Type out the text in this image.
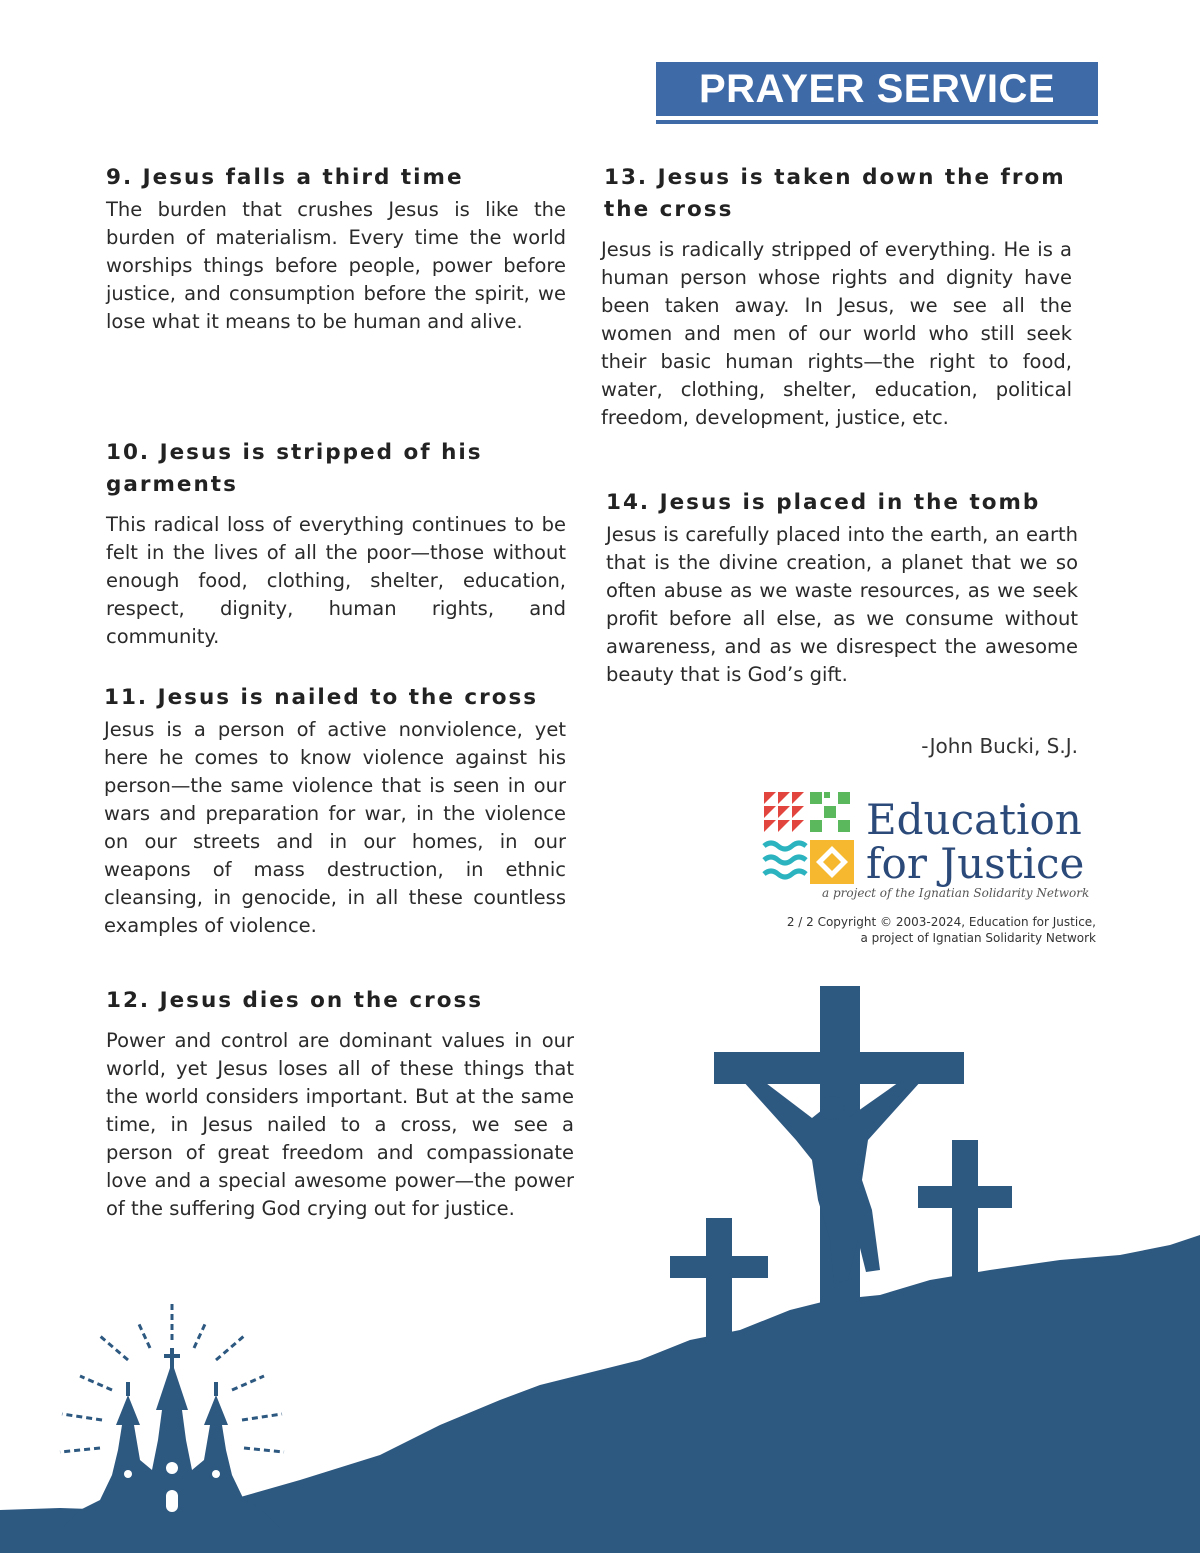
PRAYER SERVICE
9. Jesus falls a third time

The burden that crushes Jesus is like the burden of materialism. Every time the world worships things before people, power before justice, and consumption before the spirit, we lose what it means to be human and alive.

10. Jesus is stripped of his garments

This radical loss of everything continues to be felt in the lives of all the poor—those without enough food, clothing, shelter, education, respect, dignity, human rights, and community.

11. Jesus is nailed to the cross

Jesus is a person of active nonviolence, yet here he comes to know violence against his person—the same violence that is seen in our wars and preparation for war, in the violence on our streets and in our homes, in our weapons of mass destruction, in ethnic cleansing, in genocide, in all these countless examples of violence.

12. Jesus dies on the cross

Power and control are dominant values in our world, yet Jesus loses all of these things that the world considers important. But at the same time, in Jesus nailed to a cross, we see a person of great freedom and compassionate love and a special awesome power—the power of the suffering God crying out for justice.

13. Jesus is taken down the from the cross

Jesus is radically stripped of everything. He is a human person whose rights and dignity have been taken away. In Jesus, we see all the women and men of our world who still seek their basic human rights—the right to food, water, clothing, shelter, education, political freedom, development, justice, etc.

14. Jesus is placed in the tomb

Jesus is carefully placed into the earth, an earth that is the divine creation, a planet that we so often abuse as we waste resources, as we seek profit before all else, as we consume without awareness, and as we disrespect the awesome beauty that is God’s gift.

-John Bucki, S.J.
Education
for Justice
a project of the Ignatian Solidarity Network
2 / 2 Copyright © 2003-2024, Education for Justice,
a project of Ignatian Solidarity Network
